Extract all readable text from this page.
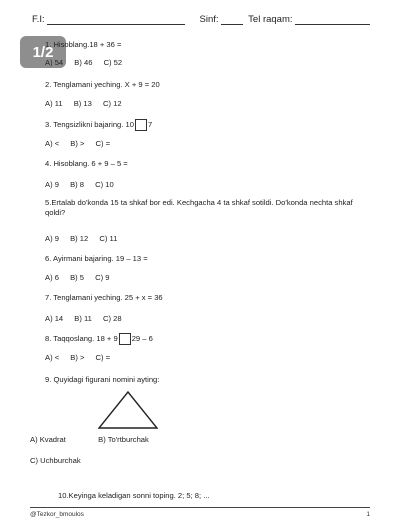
F.I:	Sinf:	Tel raqam:
1/2
1. Hisoblang.18 + 36 =
A) 54 B) 46 C) 52
2. Tenglamani yeching. X + 9 = 20
A) 11 B) 13 C) 12
3. Tengsizlikni bajaring. 10 7
A) < B) > C) =
4. Hisoblang. 6 + 9 – 5 =
A) 9 B) 8 C) 10
5.Ertalab do'konda 15 ta shkaf bor edi. Kechgacha 4 ta shkaf sotildi. Do'konda nechta shkaf qoldi?
A) 9 B) 12 C) 11
6. Ayirmani bajaring. 19 – 13 =
A) 6 B) 5 C) 9
7. Tenglamani yeching. 25 + x = 36
A) 14 B) 11 C) 28
8. Taqqoslang. 18 + 9 29 – 6
A) < B) > C) =
9. Quyidagi figurani nomini ayting:
A) Kvadrat	B) To'rtburchak
C) Uchburchak
10.Keyinga keladigan sonni toping. 2; 5; 8; ...
@Tezkor_bmoulos	1
